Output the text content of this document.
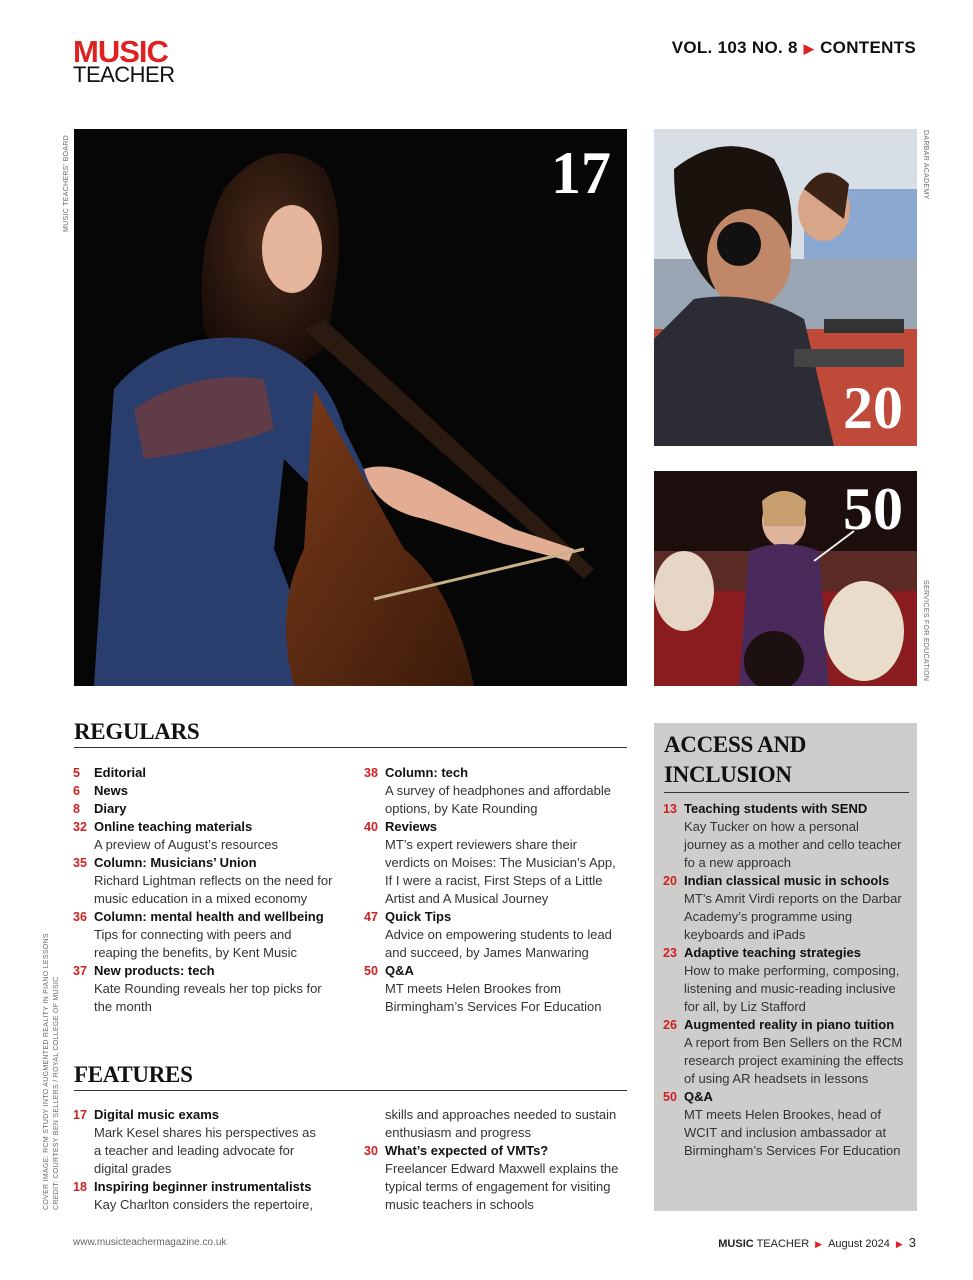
MUSIC
TEACHER
VOL. 103 NO. 8 ▶ CONTENTS
17
MUSIC TEACHERS' BOARD
20
DARBAR ACADEMY
50
SERVICES FOR EDUCATION
COVER IMAGE: RCM STUDY INTO AUGMENTED REALITY IN PIANO LESSONS CREDIT: COURTESY BEN SELLERS / ROYAL COLLEGE OF MUSIC
REGULARS
5 Editorial
6 News
8 Diary
32 Online teaching materials
A preview of August’s resources
35 Column: Musicians’ Union
Richard Lightman reflects on the need for music education in a mixed economy
36 Column: mental health and wellbeing
Tips for connecting with peers and reaping the benefits, by Kent Music
37 New products: tech
Kate Rounding reveals her top picks for the month
38 Column: tech
A survey of headphones and affordable options, by Kate Rounding
40 Reviews
MT’s expert reviewers share their verdicts on Moises: The Musician’s App, If I were a racist, First Steps of a Little Artist and A Musical Journey
47 Quick Tips
Advice on empowering students to lead and succeed, by James Manwaring
50 Q&A
MT meets Helen Brookes from Birmingham’s Services For Education
FEATURES
17 Digital music exams
Mark Kesel shares his perspectives as a teacher and leading advocate for digital grades
18 Inspiring beginner instrumentalists
Kay Charlton considers the repertoire,
skills and approaches needed to sustain enthusiasm and progress
30 What’s expected of VMTs?
Freelancer Edward Maxwell explains the typical terms of engagement for visiting music teachers in schools
ACCESS AND
INCLUSION
13 Teaching students with SEND
Kay Tucker on how a personal journey as a mother and cello teacher fo a new approach
20 Indian classical music in schools
MT’s Amrit Virdi reports on the Darbar Academy’s programme using keyboards and iPads
23 Adaptive teaching strategies
How to make performing, composing, listening and music-reading inclusive for all, by Liz Stafford
26 Augmented reality in piano tuition
A report from Ben Sellers on the RCM research project examining the effects of using AR headsets in lessons
50 Q&A
MT meets Helen Brookes, head of WCIT and inclusion ambassador at Birmingham’s Services For Education
www.musicteachermagazine.co.uk	MUSIC TEACHER ▶ August 2024 ▶ 3
